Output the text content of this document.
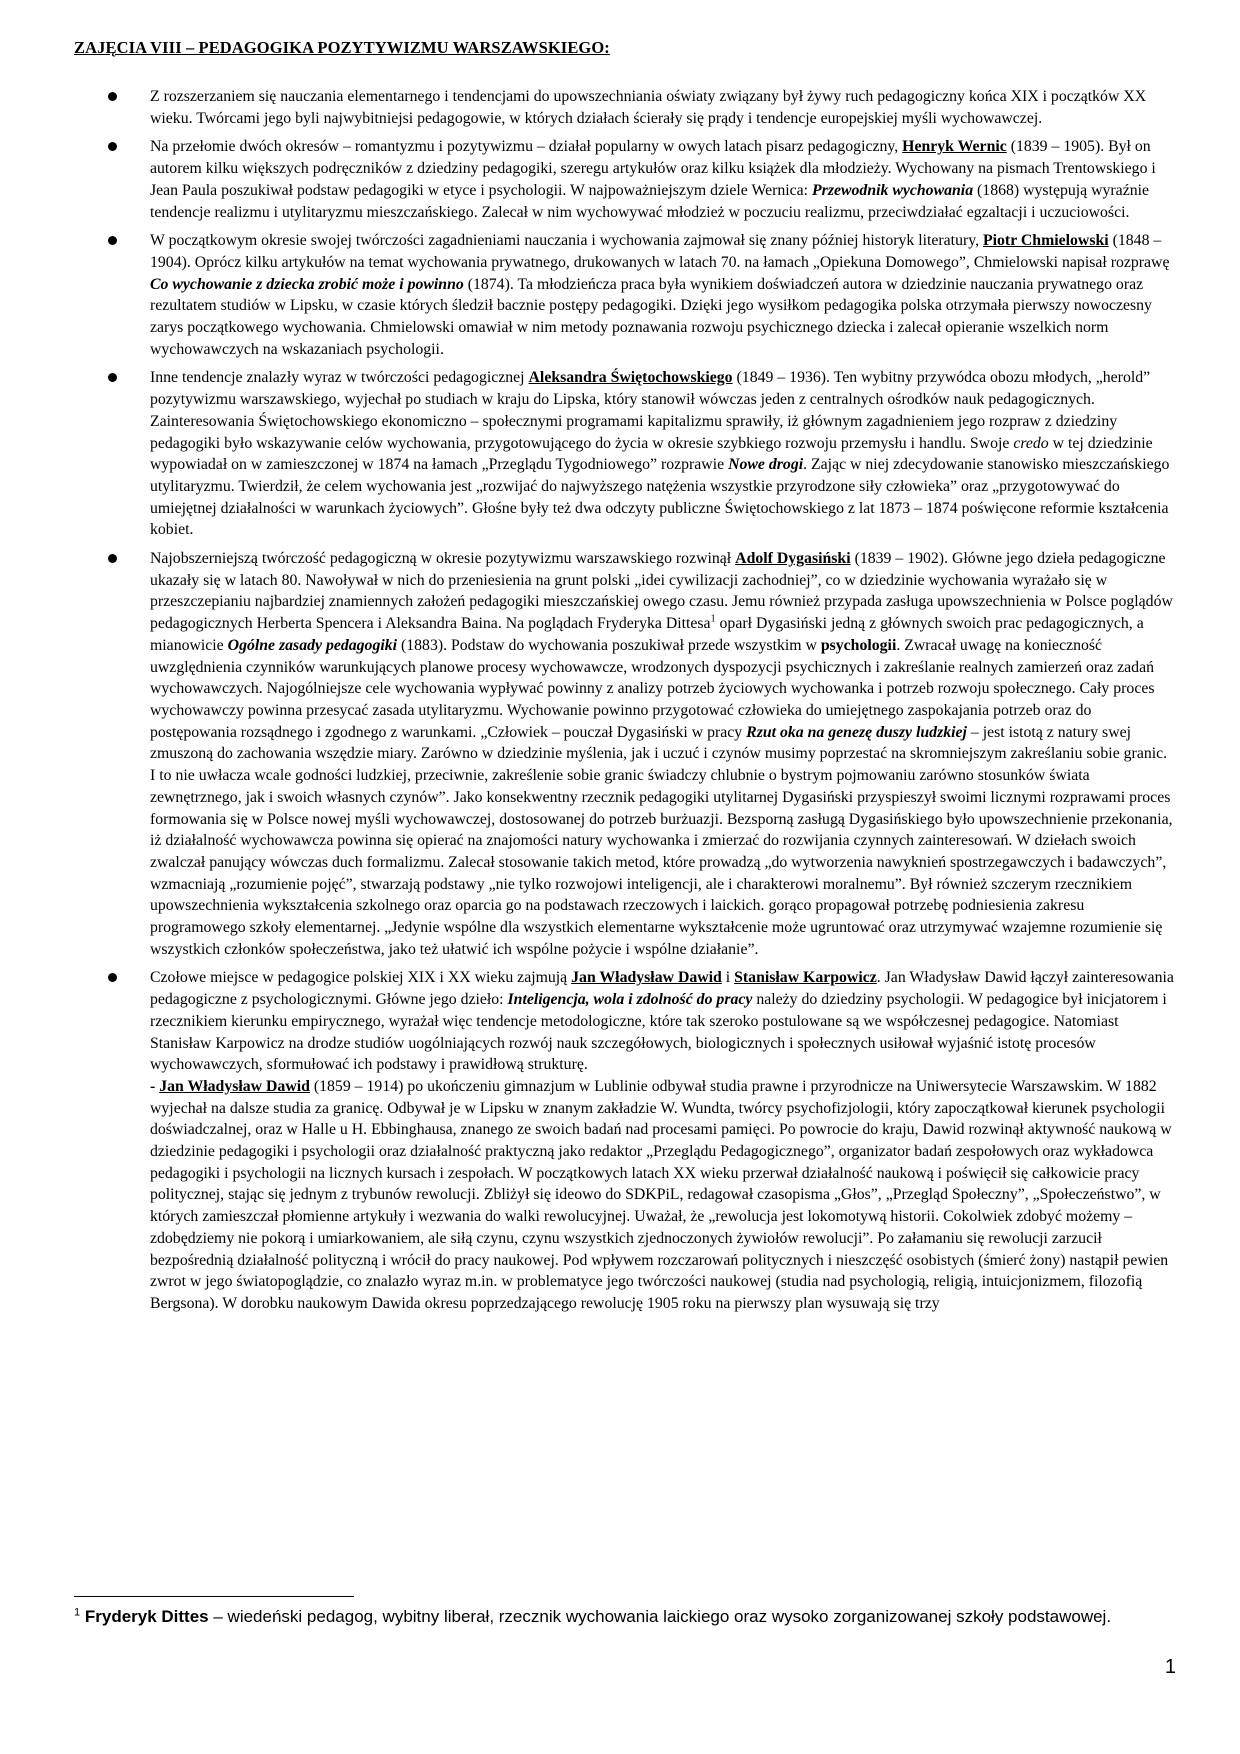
ZAJĘCIA VIII – PEDAGOGIKA POZYTYWIZMU WARSZAWSKIEGO:
Z rozszerzaniem się nauczania elementarnego i tendencjami do upowszechniania oświaty związany był żywy ruch pedagogiczny końca XIX i początków XX wieku. Twórcami jego byli najwybitniejsi pedagogowie, w których działach ścierały się prądy i tendencje europejskiej myśli wychowawczej.
Na przełomie dwóch okresów – romantyzmu i pozytywizmu – działał popularny w owych latach pisarz pedagogiczny, Henryk Wernic (1839 – 1905). Był on autorem kilku większych podręczników z dziedziny pedagogiki, szeregu artykułów oraz kilku książek dla młodzieży. Wychowany na pismach Trentowskiego i Jean Paula poszukiwał podstaw pedagogiki w etyce i psychologii. W najpoważniejszym dziele Wernica: Przewodnik wychowania (1868) występują wyraźnie tendencje realizmu i utylitaryzmu mieszczańskiego. Zalecał w nim wychowywać młodzież w poczuciu realizmu, przeciwdziałać egzaltacji i uczuciowości.
W początkowym okresie swojej twórczości zagadnieniami nauczania i wychowania zajmował się znany później historyk literatury, Piotr Chmielowski (1848 – 1904). Oprócz kilku artykułów na temat wychowania prywatnego, drukowanych w latach 70. na łamach „Opiekuna Domowego”, Chmielowski napisał rozprawę Co wychowanie z dziecka zrobić może i powinno (1874). Ta młodzieńcza praca była wynikiem doświadczeń autora w dziedzinie nauczania prywatnego oraz rezultatem studiów w Lipsku, w czasie których śledził bacznie postępy pedagogiki. Dzięki jego wysiłkom pedagogika polska otrzymała pierwszy nowoczesny zarys początkowego wychowania. Chmielowski omawiał w nim metody poznawania rozwoju psychicznego dziecka i zalecał opieranie wszelkich norm wychowawczych na wskazaniach psychologii.
Inne tendencje znalazły wyraz w twórczości pedagogicznej Aleksandra Świętochowskiego (1849 – 1936). Ten wybitny przywódca obozu młodych, „herold” pozytywizmu warszawskiego, wyjechał po studiach w kraju do Lipska, który stanowił wówczas jeden z centralnych ośrodków nauk pedagogicznych. Zainteresowania Świętochowskiego ekonomiczno – społecznymi programami kapitalizmu sprawiły, iż głównym zagadnieniem jego rozpraw z dziedziny pedagogiki było wskazywanie celów wychowania, przygotowującego do życia w okresie szybkiego rozwoju przemysłu i handlu. Swoje credo w tej dziedzinie wypowiadał on w zamieszczonej w 1874 na łamach „Przeglądu Tygodniowego” rozprawie Nowe drogi. Zając w niej zdecydowanie stanowisko mieszczańskiego utylitaryzmu. Twierdził, że celem wychowania jest „rozwijać do najwyższego natężenia wszystkie przyrodzone siły człowieka” oraz „przygotowywać do umiejętnej działalności w warunkach życiowych”. Głośne były też dwa odczyty publiczne Świętochowskiego z lat 1873 – 1874 poświęcone reformie kształcenia kobiet.
Najobszerniejszą twórczość pedagogiczną w okresie pozytywizmu warszawskiego rozwinął Adolf Dygasiński (1839 – 1902). Główne jego dzieła pedagogiczne ukazały się w latach 80. Nawoływał w nich do przeniesienia na grunt polski „idei cywilizacji zachodniej”, co w dziedzinie wychowania wyrażało się w przeszczepianiu najbardziej znamiennych założeń pedagogiki mieszczańskiej owego czasu. Jemu również przypada zasługa upowszechnienia w Polsce poglądów pedagogicznych Herberta Spencera i Aleksandra Baina. Na poglądach Fryderyka Dittesa$^1$ oparł Dygasiński jedną z głównych swoich prac pedagogicznych, a mianowicie Ogólne zasady pedagogiki (1883). Podstaw do wychowania poszukiwał przede wszystkim w psychologii. Zwracał uwagę na konieczność uwzględnienia czynników warunkujących planowe procesy wychowawcze, wrodzonych dyspozycji psychicznych i zakreślanie realnych zamierzeń oraz zadań wychowawczych. Najogólniejsze cele wychowania wypływać powinny z analizy potrzeb życiowych wychowanka i potrzeb rozwoju społecznego. Cały proces wychowawczy powinna przesycać zasada utylitaryzmu. Wychowanie powinno przygotować człowieka do umiejętnego zaspokajania potrzeb oraz do postępowania rozsądnego i zgodnego z warunkami. „Człowiek – pouczał Dygasiński w pracy Rzut oka na genezę duszy ludzkiej – jest istotą z natury swej zmuszoną do zachowania wszędzie miary. Zarówno w dziedzinie myślenia, jak i uczuć i czynów musimy poprzestać na skromniejszym zakreślaniu sobie granic. I to nie uwłacza wcale godności ludzkiej, przeciwnie, zakreślenie sobie granic świadczy chlubnie o bystrym pojmowaniu zarówno stosunków świata zewnętrznego, jak i swoich własnych czynów”. Jako konsekwentny rzecznik pedagogiki utylitarnej Dygasiński przyspieszył swoimi licznymi rozprawami proces formowania się w Polsce nowej myśli wychowawczej, dostosowanej do potrzeb burżuazji. Bezsporną zasługą Dygasińskiego było upowszechnienie przekonania, iż działalność wychowawcza powinna się opierać na znajomości natury wychowanka i zmierzać do rozwijania czynnych zainteresowań. W dziełach swoich zwalczał panujący wówczas duch formalizmu. Zalecał stosowanie takich metod, które prowadzą „do wytworzenia nawyknień spostrzegawczych i badawczych”, wzmacniają „rozumienie pojęć”, stwarzają podstawy „nie tylko rozwojowi inteligencji, ale i charakterowi moralnemu”. Był również szczerym rzecznikiem upowszechnienia wykształcenia szkolnego oraz oparcia go na podstawach rzeczowych i laickich. gorąco propagował potrzebę podniesienia zakresu programowego szkoły elementarnej. „Jedynie wspólne dla wszystkich elementarne wykształcenie może ugruntować oraz utrzymywać wzajemne rozumienie się wszystkich członków społeczeństwa, jako też ułatwić ich wspólne pożycie i wspólne działanie”.
Czołowe miejsce w pedagogice polskiej XIX i XX wieku zajmują Jan Władysław Dawid i Stanisław Karpowicz. Jan Władysław Dawid łączył zainteresowania pedagogiczne z psychologicznymi. Główne jego dzieło: Inteligencja, wola i zdolność do pracy należy do dziedziny psychologii. W pedagogice był inicjatorem i rzecznikiem kierunku empirycznego, wyrażał więc tendencje metodologiczne, które tak szeroko postulowane są we współczesnej pedagogice. Natomiast Stanisław Karpowicz na drodze studiów uogólniających rozwój nauk szczegółowych, biologicznych i społecznych usiłował wyjaśnić istotę procesów wychowawczych, sformułować ich podstawy i prawidłową strukturę.
- Jan Władysław Dawid (1859 – 1914) po ukończeniu gimnazjum w Lublinie odbywał studia prawne i przyrodnicze na Uniwersytecie Warszawskim. W 1882 wyjechał na dalsze studia za granicę. Odbywał je w Lipsku w znanym zakładzie W. Wundta, twórcy psychofizjologii, który zapoczątkował kierunek psychologii doświadczalnej, oraz w Halle u H. Ebbinghausa, znanego ze swoich badań nad procesami pamięci. Po powrocie do kraju, Dawid rozwinął aktywność naukową w dziedzinie pedagogiki i psychologii oraz działalność praktyczną jako redaktor „Przeglądu Pedagogicznego”, organizator badań zespołowych oraz wykładowca pedagogiki i psychologii na licznych kursach i zespołach. W początkowych latach XX wieku przerwał działalność naukową i poświęcił się całkowicie pracy politycznej, stając się jednym z trybunów rewolucji. Zbliżył się ideowo do SDKPiL, redagował czasopisma „Głos”, „Przegląd Społeczny”, „Społeczeństwo”, w których zamieszczał płomienne artykuły i wezwania do walki rewolucyjnej. Uważał, że „rewolucja jest lokomotywą historii. Cokolwiek zdobyć możemy – zdobędziemy nie pokorą i umiarkowaniem, ale siłą czynu, czynu wszystkich zjednoczonych żywiołów rewolucji”. Po załamaniu się rewolucji zarzucił bezpośrednią działalność polityczną i wrócił do pracy naukowej. Pod wpływem rozczarowań politycznych i nieszczęść osobistych (śmierć żony) nastąpił pewien zwrot w jego światopoglądzie, co znalazło wyraz m.in. w problematyce jego twórczości naukowej (studia nad psychologią, religią, intuicjonizmem, filozofią Bergsona). W dorobku naukowym Dawida okresu poprzedzającego rewolucję 1905 roku na pierwszy plan wysuwają się trzy
$^1$ Fryderyk Dittes – wiedeński pedagog, wybitny liberał, rzecznik wychowania laickiego oraz wysoko zorganizowanej szkoły podstawowej.
1
